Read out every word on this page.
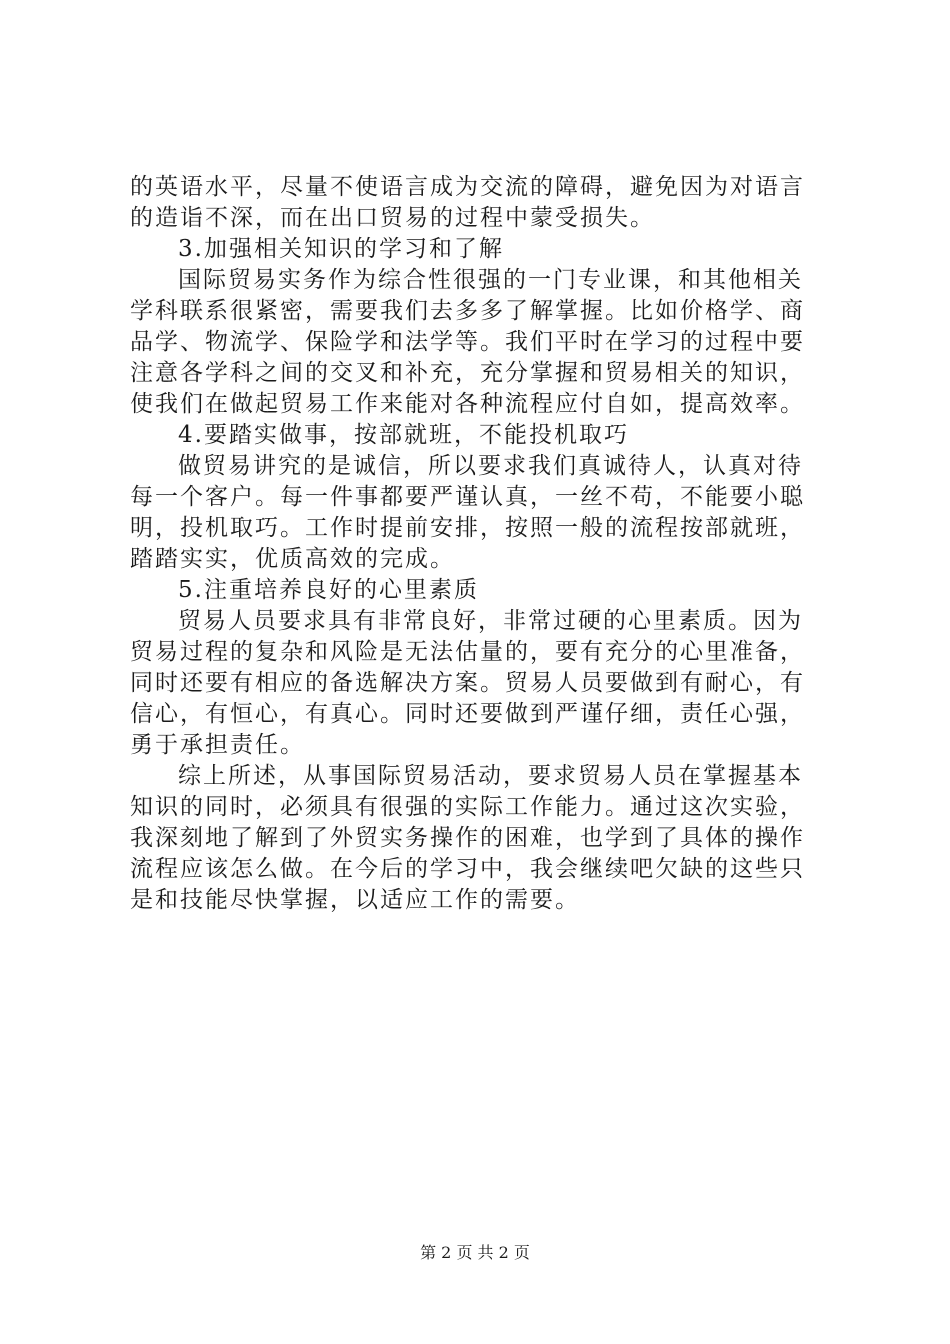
的英语水平，尽量不使语言成为交流的障碍，避免因为对语言
的造诣不深，而在出口贸易的过程中蒙受损失。
3.加强相关知识的学习和了解
国际贸易实务作为综合性很强的一门专业课，和其他相关
学科联系很紧密，需要我们去多多了解掌握。比如价格学、商
品学、物流学、保险学和法学等。我们平时在学习的过程中要
注意各学科之间的交叉和补充，充分掌握和贸易相关的知识，
使我们在做起贸易工作来能对各种流程应付自如，提高效率。
4.要踏实做事，按部就班，不能投机取巧
做贸易讲究的是诚信，所以要求我们真诚待人，认真对待
每一个客户。每一件事都要严谨认真，一丝不苟，不能要小聪
明，投机取巧。工作时提前安排，按照一般的流程按部就班，
踏踏实实，优质高效的完成。
5.注重培养良好的心里素质
贸易人员要求具有非常良好，非常过硬的心里素质。因为
贸易过程的复杂和风险是无法估量的，要有充分的心里准备，
同时还要有相应的备选解决方案。贸易人员要做到有耐心，有
信心，有恒心，有真心。同时还要做到严谨仔细，责任心强，
勇于承担责任。
综上所述，从事国际贸易活动，要求贸易人员在掌握基本
知识的同时，必须具有很强的实际工作能力。通过这次实验，
我深刻地了解到了外贸实务操作的困难，也学到了具体的操作
流程应该怎么做。在今后的学习中，我会继续吧欠缺的这些只
是和技能尽快掌握，以适应工作的需要。
第 2 页 共 2 页
